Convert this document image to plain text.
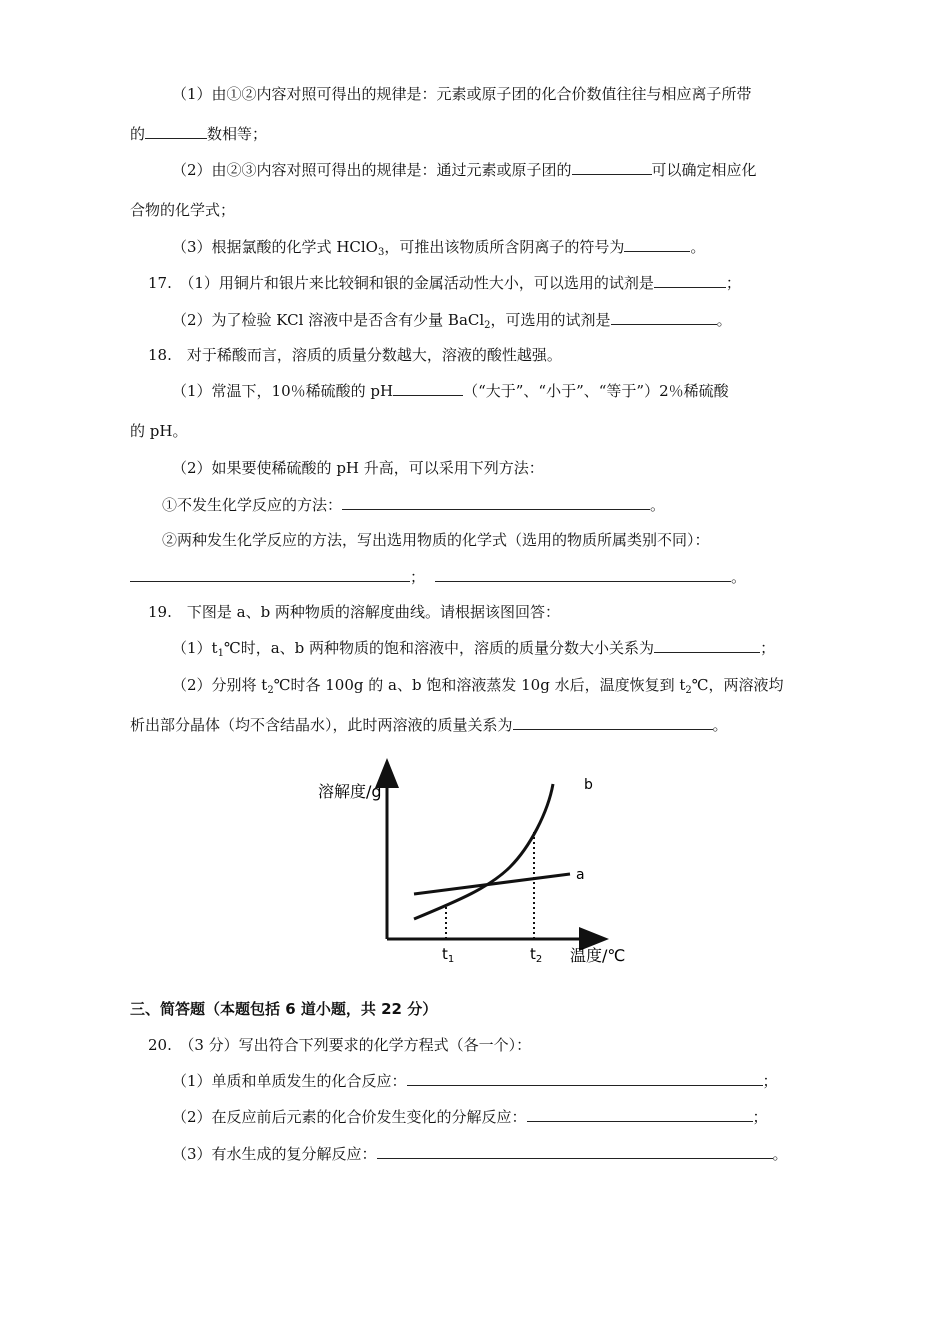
（1）由①②内容对照可得出的规律是：元素或原子团的化合价数值往往与相应离子所带
的	数相等；
（2）由②③内容对照可得出的规律是：通过元素或原子团的	可以确定相应化
合物的化学式；
（3）根据氯酸的化学式 HClO$_3$，可推出该物质所含阴离子的符号为	。
17.　（1）用铜片和银片来比较铜和银的金属活动性大小，可以选用的试剂是	；
（2）为了检验 KCl 溶液中是否含有少量 BaCl$_2$，可选用的试剂是	。
18.　对于稀酸而言，溶质的质量分数越大，溶液的酸性越强。
（1）常温下，10％稀硫酸的 pH	（“大于”、“小于”、“等于”）2％稀硫酸
的 pH。
（2）如果要使稀硫酸的 pH 升高，可以采用下列方法：
①不发生化学反应的方法：	。
②两种发生化学反应的方法，写出选用物质的化学式（选用的物质所属类别不同）：
；	。
19.　下图是 a、b 两种物质的溶解度曲线。请根据该图回答：
$(1)t_1℃$时，a、b 两种物质的饱和溶液中，溶质的质量分数大小关系为	；
（2）分别将 $t_2℃$时各 100g 的 a、b 饱和溶液蒸发 10g 水后，温度恢复到 $t_2℃$，两溶液均
析出部分晶体（均不含结晶水），此时两溶液的质量关系为	。
溶解度/g
温度/℃
b
a
$t_1$	$t_2$
三、简答题（本题包括 6 道小题，共 22 分）
20.　（3 分）写出符合下列要求的化学方程式（各一个）：
（1）单质和单质发生的化合反应：	；
（2）在反应前后元素的化合价发生变化的分解反应：	；
（3）有水生成的复分解反应：	。
